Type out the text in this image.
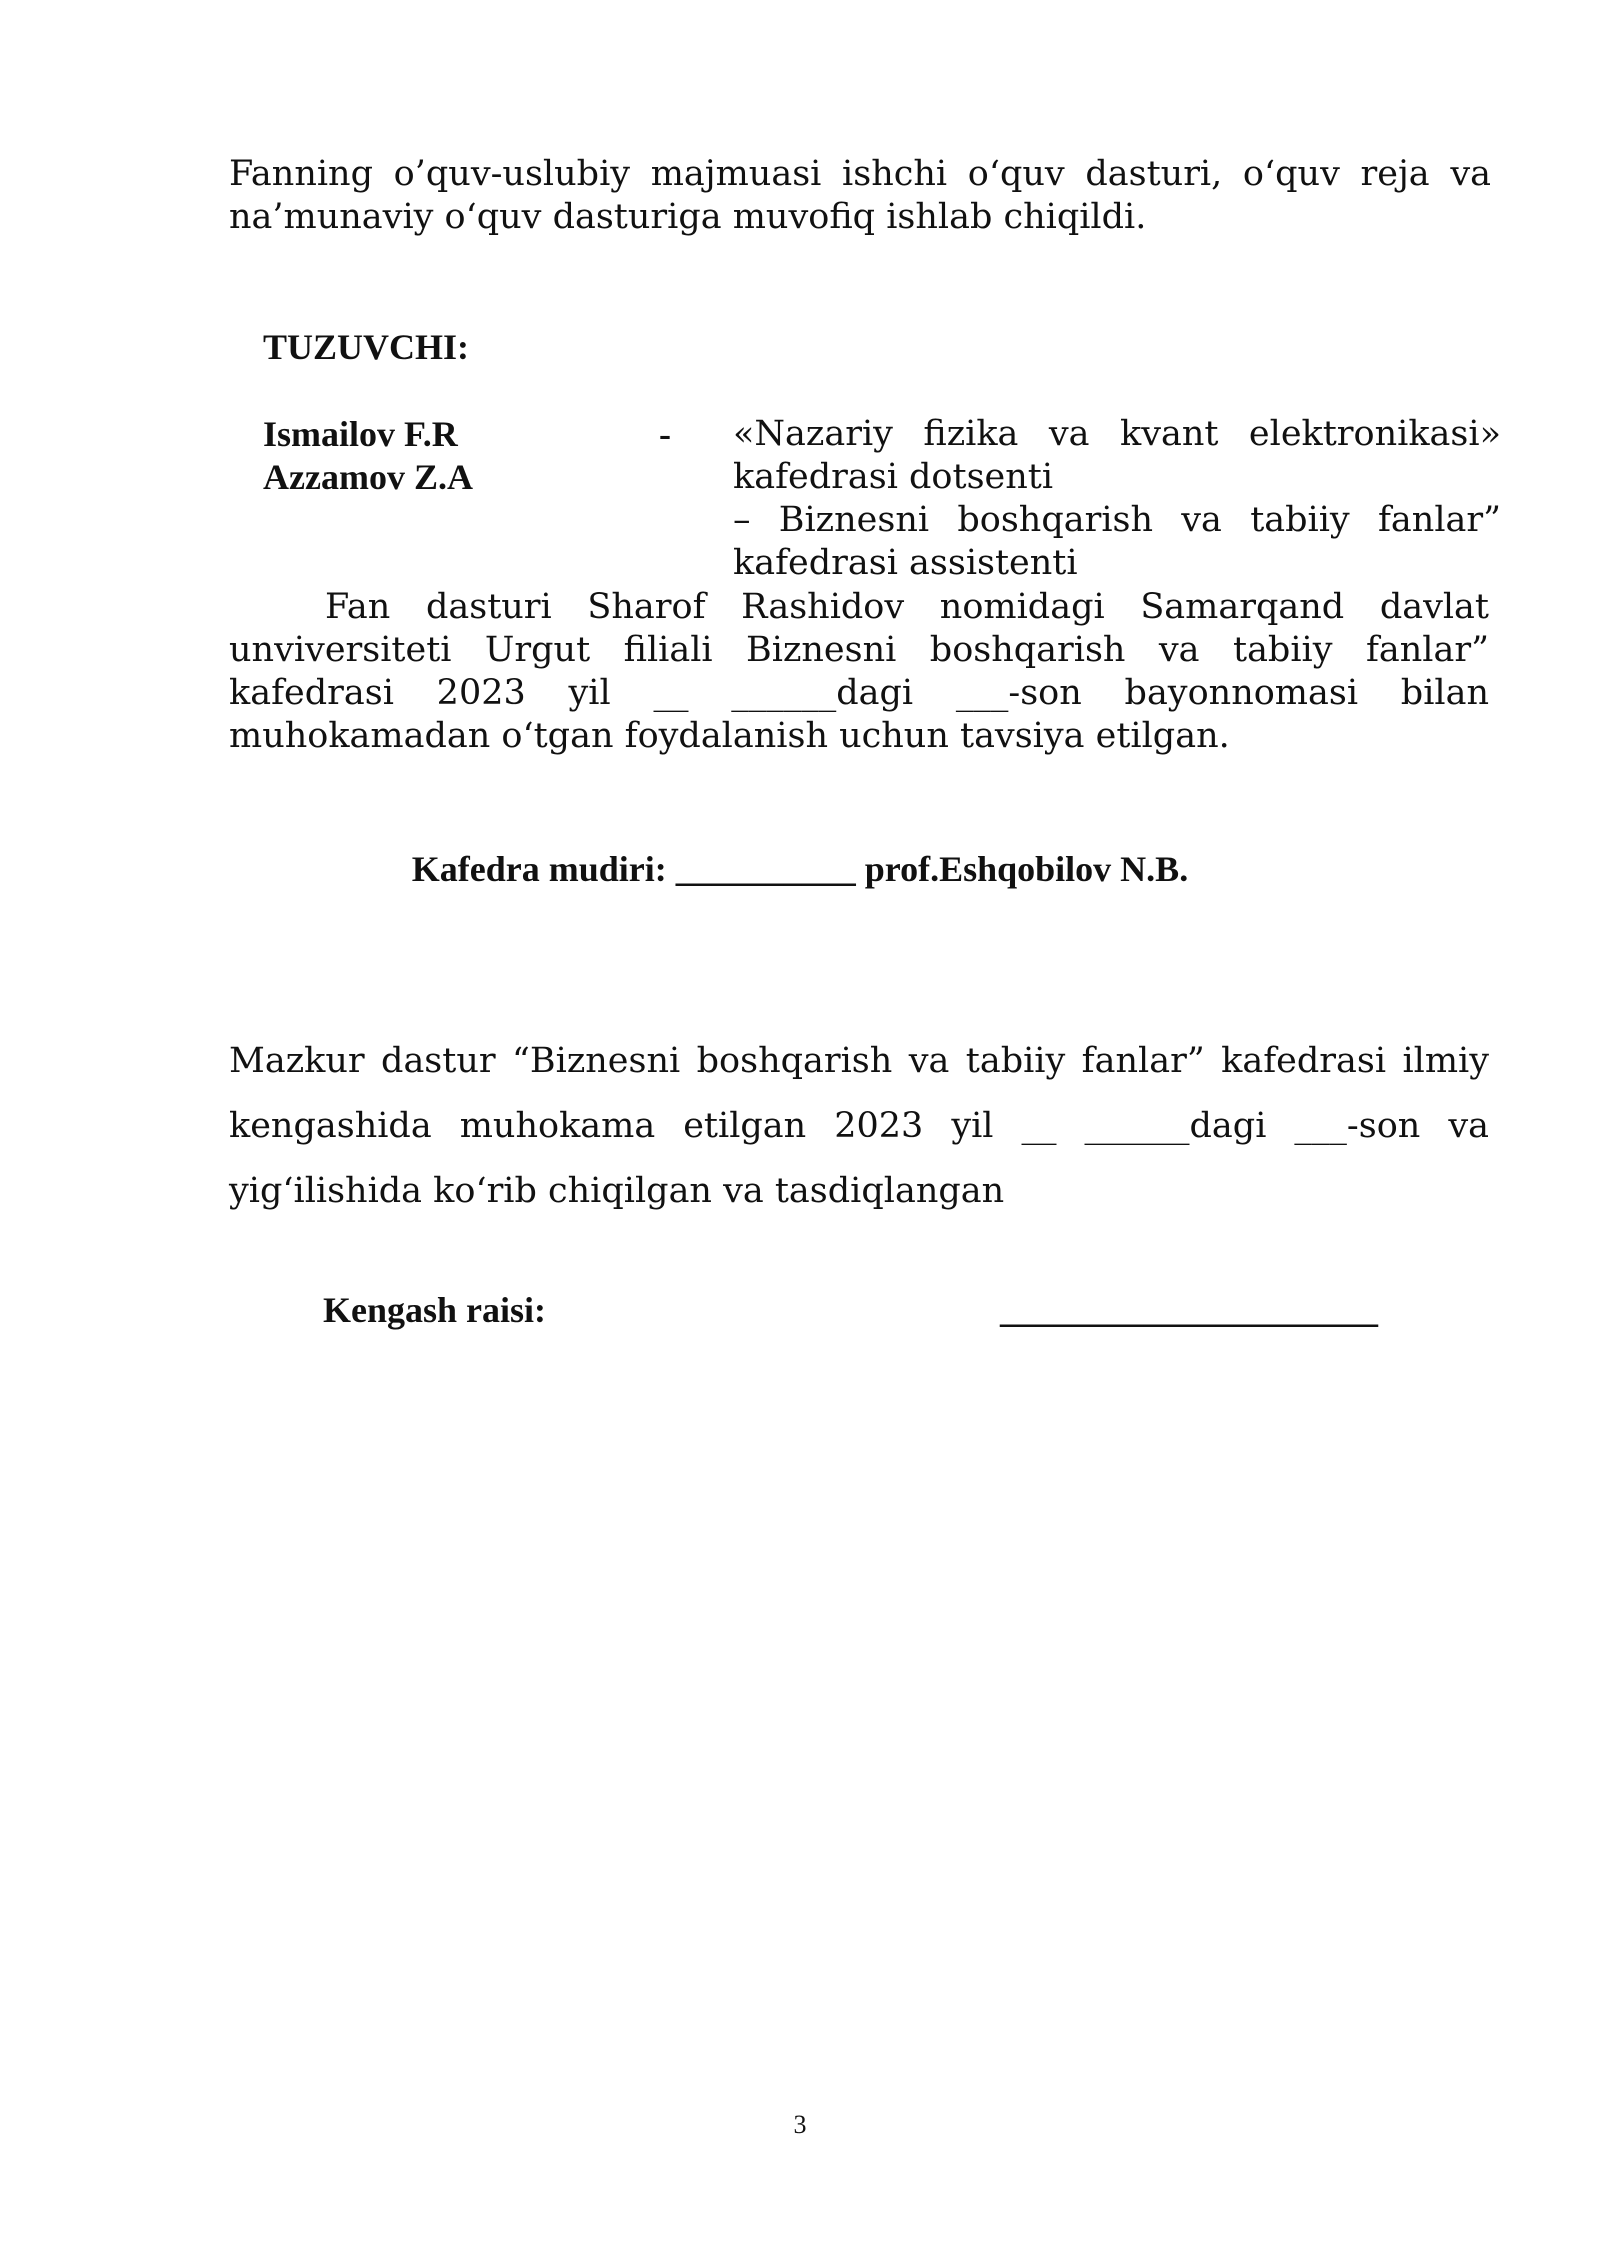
Fanning o’quv-uslubiy majmuasi ishchi o‘quv dasturi, o‘quv reja va na’munaviy o‘quv dasturiga muvofiq ishlab chiqildi.

TUZUVCHI:
Ismailov F.R
Azzamov Z.A
- «Nazariy fizika va kvant elektronikasi» kafedrasi dotsenti

– Biznesni boshqarish va tabiiy fanlar” kafedrasi assistenti

Fan dasturi Sharof Rashidov nomidagi Samarqand davlat unviversiteti Urgut filiali Biznesni boshqarish va tabiiy fanlar” kafedrasi 2023 yil __ ______dagi ___-son bayonnomasi bilan muhokamadan o‘tgan foydalanish uchun tavsiya etilgan.

Kafedra mudiri: __________ prof.Eshqobilov N.B.

Mazkur dastur “Biznesni boshqarish va tabiiy fanlar” kafedrasi ilmiy kengashida muhokama etilgan 2023 yil __ ______dagi ___-son va yig‘ilishida ko‘rib chiqilgan va tasdiqlangan

Kengash raisi:	_____________________
3
